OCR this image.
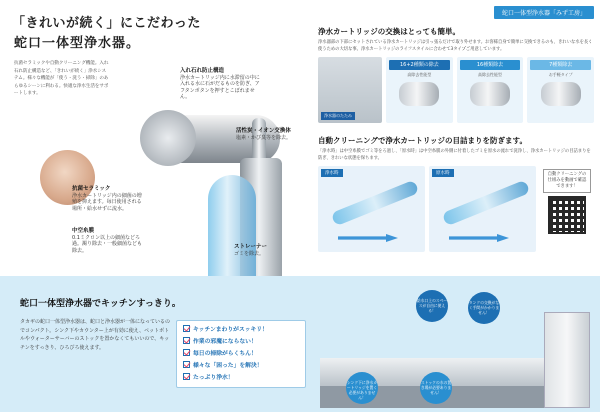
蛇口一体型浄水器「みず工房」
「きれいが続く」にこだわった
蛇口一体型浄水器。
抗菌セラミックや自動クリーニング機能。入れ石れ防止構造など、「きれいが続く」浄水システム。様々な機能が「使う・洗う・掃除」のあらゆるシーンに利わる。快適な浄水生活をサポートします。
入れ石れ防止構造
浄水カートリッジ内に水滞留の中に入れる水に石がだるものを防ぎ、アフタンボタンを押すとこぼれません。
活性炭・イオン交換体
塩素・かび臭等を除去。
抗菌セラミック
浄水カートリッジ内の細菌の増殖を抑えます。毎日使用される場所・給水せずに流水。
中空糸膜
0.1ミクロン以上の細菌などろ過。濁り除去・一般細菌なども除去。
ストレーナー
ゴミを除去。
浄水カートリッジの交換はとっても簡単。
浄水器部の下部にセットされている浄水カートリッジは引っ張るだけで取り外せます。お客様自身で簡単に交換できるのも、きれいな水を長く使うための大切な事。浄水カートリッジのライフスタイルに合わせて3タイプご用意しています。
浄水器のたたみ
16+2種類の除去
高除去性能型
16種類除去
高除去性能型
7種類除去
お手軽タイプ
自動クリーニングで浄水カートリッジの目詰まりを防ぎます。
「浄水時」は中空糸膜でゴミ等をろ過し、「原水時」は中空糸膜の外側に付着したゴミを原水の流れで洗浄し、浄水カートリッジの目詰まりを防ぎ、きれいな状態を保ちます。
浄水時	原水時	自動クリーニングの仕組みを動画で確認できます！
蛇口一体型浄水器でキッチンすっきり。
タカギの蛇口一体型浄水器は、蛇口と浄水器が一体になっているのでコンパクト。シンク下やカウンター上が有効に使え、ペットボトルやウォーターサーバーのストックを置かなくてもいいので、キッチンをすっきり、ひろびろ使えます。
キッチンまわりがスッキリ！
作業の邪魔にならない！
毎日の掃除がらくちん！
様々な「困った」を解決！
たっぷり浄水！
給水口上のスペースが自由に使える！
タンクの交換がなく手間がかかりません！
シンク下に浄水カートリッジを置く必要がありません！
ストックの水の置き場が必要ありません！
